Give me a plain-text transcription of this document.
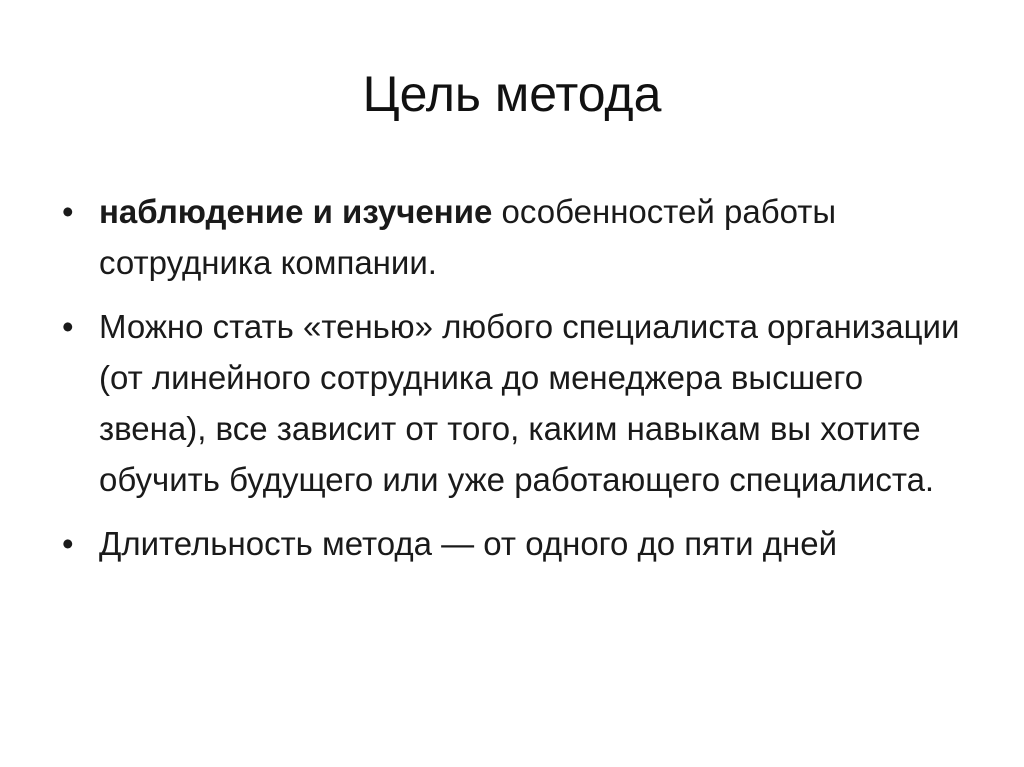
Цель метода
• наблюдение и изучение особенностей работы сотрудника компании.
• Можно стать «тенью» любого специалиста организации (от линейного сотрудника до менеджера высшего звена), все зависит от того, каким навыкам вы хотите обучить будущего или уже работающего специалиста.
• Длительность метода — от одного до пяти дней
